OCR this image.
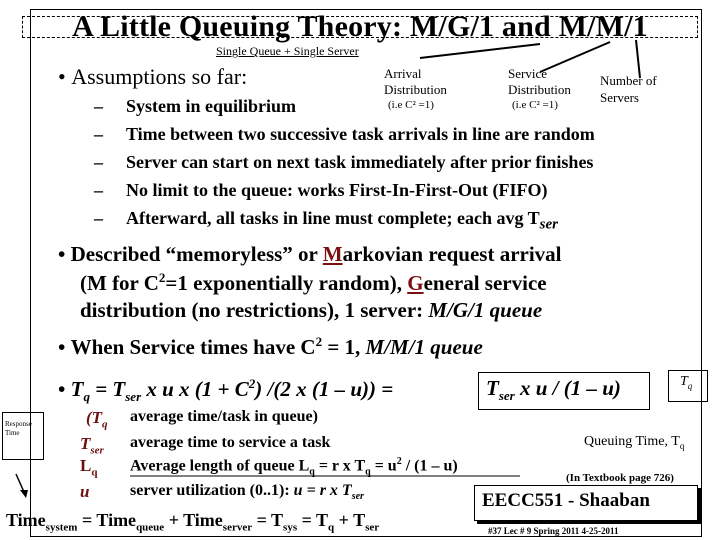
A Little Queuing Theory: M/G/1 and M/M/1
Single Queue + Single Server
• Assumptions so far:	Arrival
Distribution
(i.e C² =1)
Service
Distribution
(i.e C² =1)
Number of
Servers
– System in equilibrium
– Time between two successive task arrivals in line are random
– Server can start on next task immediately after prior finishes
– No limit to the queue: works First-In-First-Out (FIFO)
– Afterward, all tasks in line must complete; each avg $T_{ser}$
• Described “memoryless” or Markovian request arrival
(M for $C^2=1$ exponentially random), General service
distribution (no restrictions), 1 server: M/G/1 queue
• When Service times have $C^2 = 1$, M/M/1 queue
• $T_q = T_{ser}$ x u x $(1 + C^2)$ /(2 x (1 – u)) =	$T_{ser}$ x u / (1 – u)	$T_q$
Response Time
($T_q$ average time/task in queue)
$T_{ser}$ average time to service a task
$L_q$ Average length of queue $L_q = r$ x $T_q = u^2 / (1 - u)$
u	server utilization (0..1): u = r x $T_{ser}$
Queuing Time, $T_q$
(In Textbook page 726)
EECC551 - Shaaban
Time$_{system}$ = Time$_{queue}$ + Time$_{server}$ = $T_{sys} = T_q + T_{ser}$	#37 Lec # 9 Spring 2011 4-25-2011
